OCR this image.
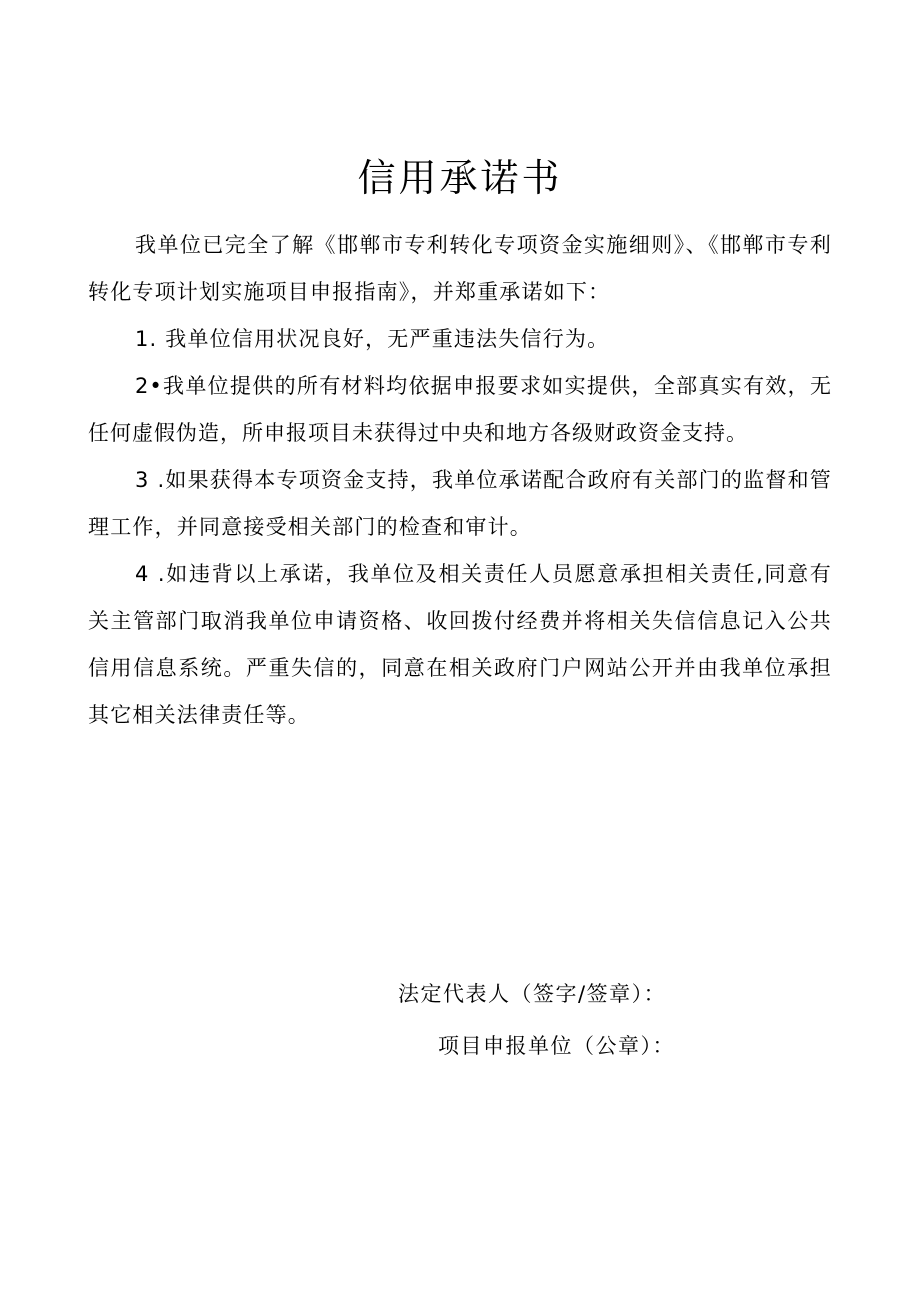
信用承诺书

我单位已完全了解《邯郸市专利转化专项资金实施细则》、《邯郸市专利转化专项计划实施项目申报指南》，并郑重承诺如下：

1. 我单位信用状况良好，无严重违法失信行为。

2•我单位提供的所有材料均依据申报要求如实提供，全部真实有效，无任何虚假伪造，所申报项目未获得过中央和地方各级财政资金支持。

3 .如果获得本专项资金支持，我单位承诺配合政府有关部门的监督和管理工作，并同意接受相关部门的检查和审计。

4 .如违背以上承诺，我单位及相关责任人员愿意承担相关责任,同意有关主管部门取消我单位申请资格、收回拨付经费并将相关失信信息记入公共信用信息系统。严重失信的，同意在相关政府门户网站公开并由我单位承担其它相关法律责任等。

法定代表人（签字/签章）：

项目申报单位（公章）：
